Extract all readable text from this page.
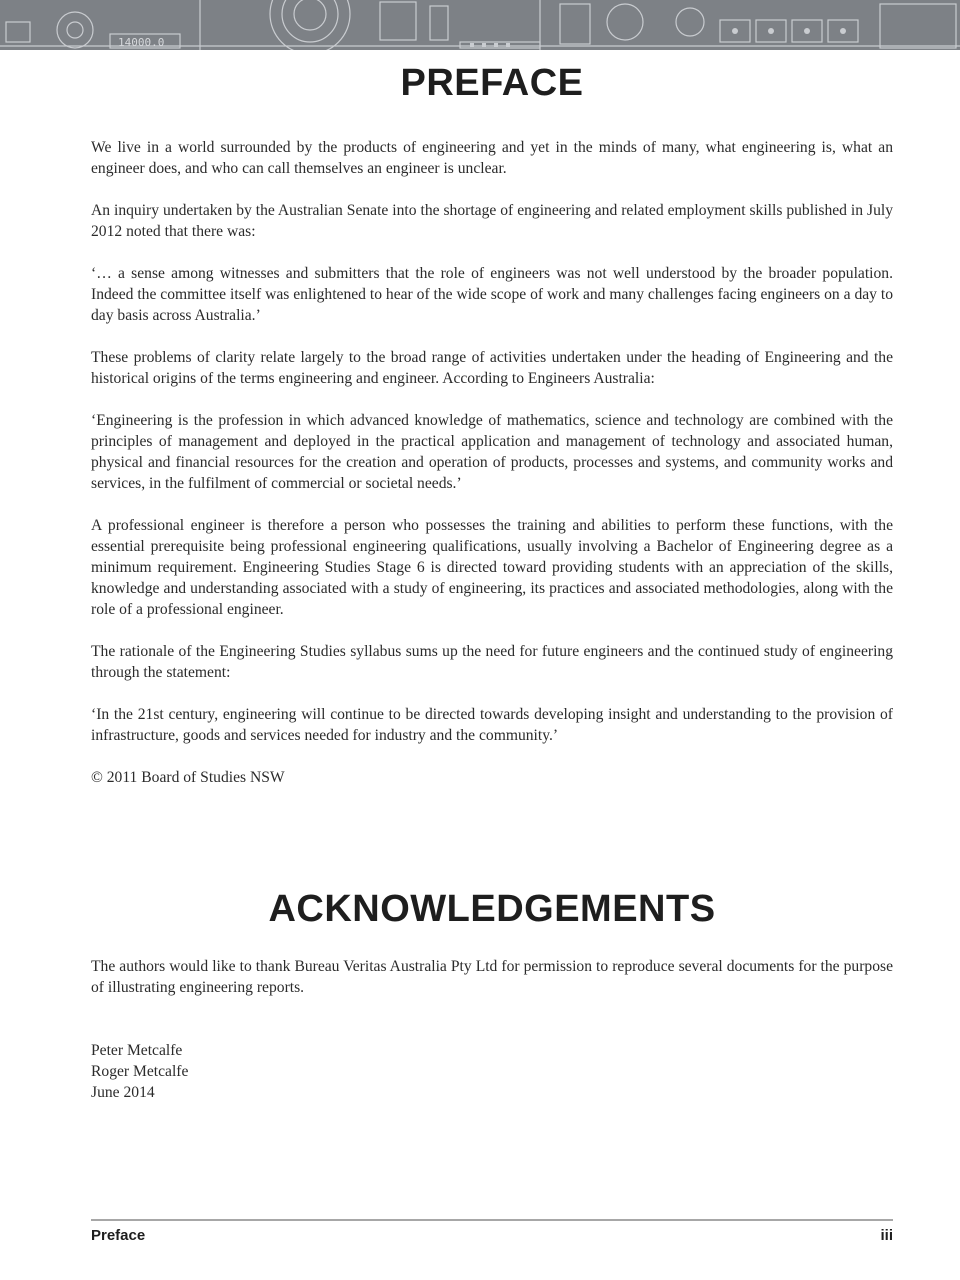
14000.0
PREFACE

We live in a world surrounded by the products of engineering and yet in the minds of many, what engineering is, what an engineer does, and who can call themselves an engineer is unclear.

An inquiry undertaken by the Australian Senate into the shortage of engineering and related employment skills published in July 2012 noted that there was:

‘… a sense among witnesses and submitters that the role of engineers was not well understood by the broader population. Indeed the committee itself was enlightened to hear of the wide scope of work and many challenges facing engineers on a day to day basis across Australia.’

These problems of clarity relate largely to the broad range of activities undertaken under the heading of Engineering and the historical origins of the terms engineering and engineer. According to Engineers Australia:

‘Engineering is the profession in which advanced knowledge of mathematics, science and technology are combined with the principles of management and deployed in the practical application and management of technology and associated human, physical and financial resources for the creation and operation of products, processes and systems, and community works and services, in the fulfilment of commercial or societal needs.’

A professional engineer is therefore a person who possesses the training and abilities to perform these functions, with the essential prerequisite being professional engineering qualifications, usually involving a Bachelor of Engineering degree as a minimum requirement. Engineering Studies Stage 6 is directed toward providing students with an appreciation of the skills, knowledge and understanding associated with a study of engineering, its practices and associated methodologies, along with the role of a professional engineer.

The rationale of the Engineering Studies syllabus sums up the need for future engineers and the continued study of engineering through the statement:

‘In the 21st century, engineering will continue to be directed towards developing insight and understanding to the provision of infrastructure, goods and services needed for industry and the community.’

© 2011 Board of Studies NSW

ACKNOWLEDGEMENTS

The authors would like to thank Bureau Veritas Australia Pty Ltd for permission to reproduce several documents for the purpose of illustrating engineering reports.

Peter Metcalfe
Roger Metcalfe
June 2014
Preface	iii
